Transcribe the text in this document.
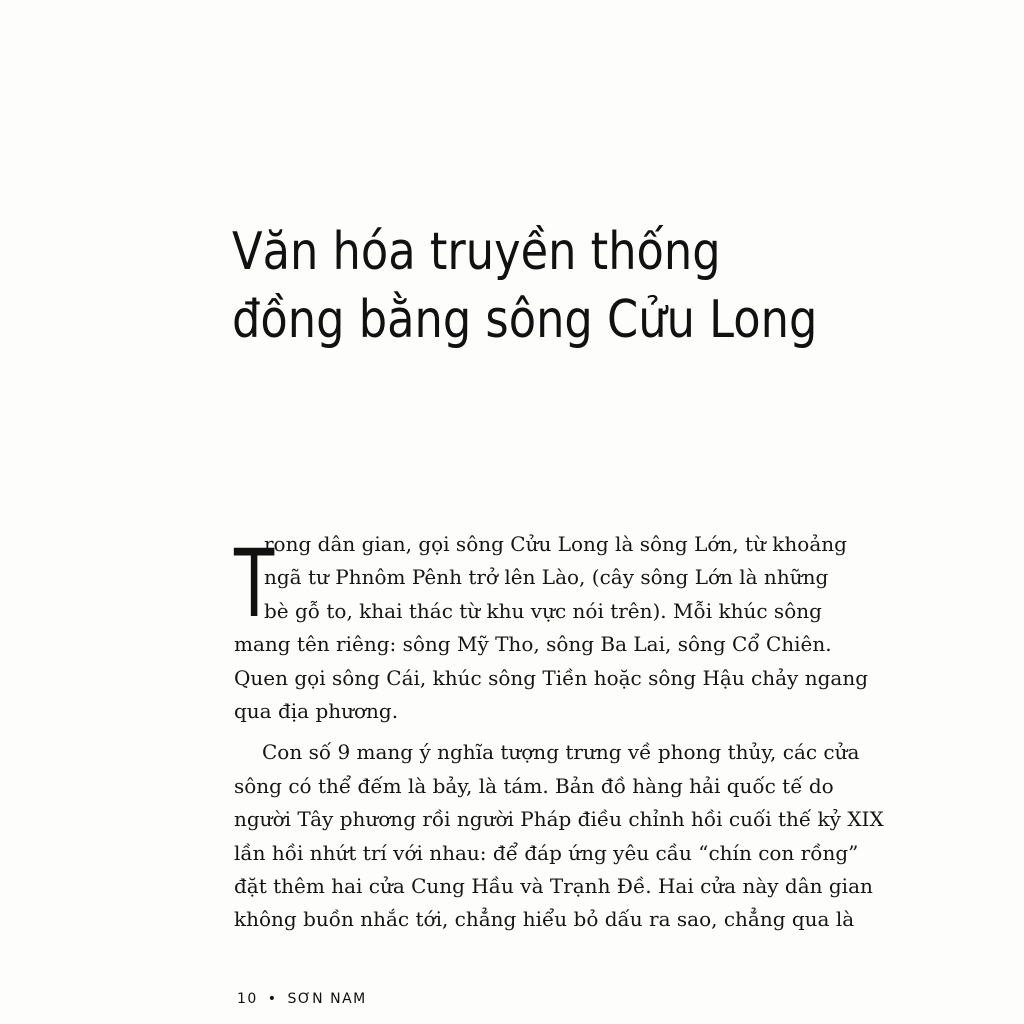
Văn hóa truyền thống
đồng bằng sông Cửu Long
T
rong dân gian, gọi sông Cửu Long là sông Lớn, từ khoảng
ngã tư Phnôm Pênh trở lên Lào, (cây sông Lớn là những
bè gỗ to, khai thác từ khu vực nói trên). Mỗi khúc sông
mang tên riêng: sông Mỹ Tho, sông Ba Lai, sông Cổ Chiên.
Quen gọi sông Cái, khúc sông Tiền hoặc sông Hậu chảy ngang
qua địa phương.
Con số 9 mang ý nghĩa tượng trưng về phong thủy, các cửa
sông có thể đếm là bảy, là tám. Bản đồ hàng hải quốc tế do
người Tây phương rồi người Pháp điều chỉnh hồi cuối thế kỷ XIX
lần hồi nhứt trí với nhau: để đáp ứng yêu cầu “chín con rồng”
đặt thêm hai cửa Cung Hầu và Trạnh Đề. Hai cửa này dân gian
không buồn nhắc tới, chẳng hiểu bỏ dấu ra sao, chẳng qua là
10 • SƠN NAM
